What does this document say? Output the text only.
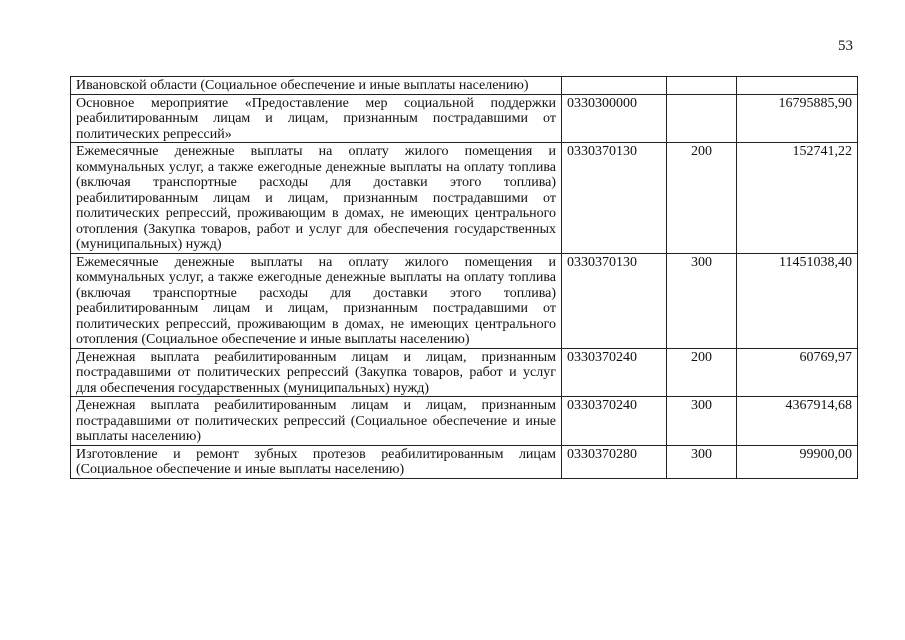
53
Ивановской области (Социальное обеспечение и иные выплаты населению)			
Основное мероприятие «Предоставление мер социальной поддержки реабилитированным лицам и лицам, признанным пострадавшими от политических репрессий»	0330300000		16795885,90
Ежемесячные денежные выплаты на оплату жилого помещения и коммунальных услуг, а также ежегодные денежные выплаты на оплату топлива (включая транспортные расходы для доставки этого топлива) реабилитированным лицам и лицам, признанным пострадавшими от политических репрессий, проживающим в домах, не имеющих центрального отопления (Закупка товаров, работ и услуг для обеспечения государственных (муниципальных) нужд)	0330370130	200	152741,22
Ежемесячные денежные выплаты на оплату жилого помещения и коммунальных услуг, а также ежегодные денежные выплаты на оплату топлива (включая транспортные расходы для доставки этого топлива) реабилитированным лицам и лицам, признанным пострадавшими от политических репрессий, проживающим в домах, не имеющих центрального отопления (Социальное обеспечение и иные выплаты населению)	0330370130	300	11451038,40
Денежная выплата реабилитированным лицам и лицам, признанным пострадавшими от политических репрессий (Закупка товаров, работ и услуг для обеспечения государственных (муниципальных) нужд)	0330370240	200	60769,97
Денежная выплата реабилитированным лицам и лицам, признанным пострадавшими от политических репрессий (Социальное обеспечение и иные выплаты населению)	0330370240	300	4367914,68
Изготовление и ремонт зубных протезов реабилитированным лицам (Социальное обеспечение и иные выплаты населению)	0330370280	300	99900,00
